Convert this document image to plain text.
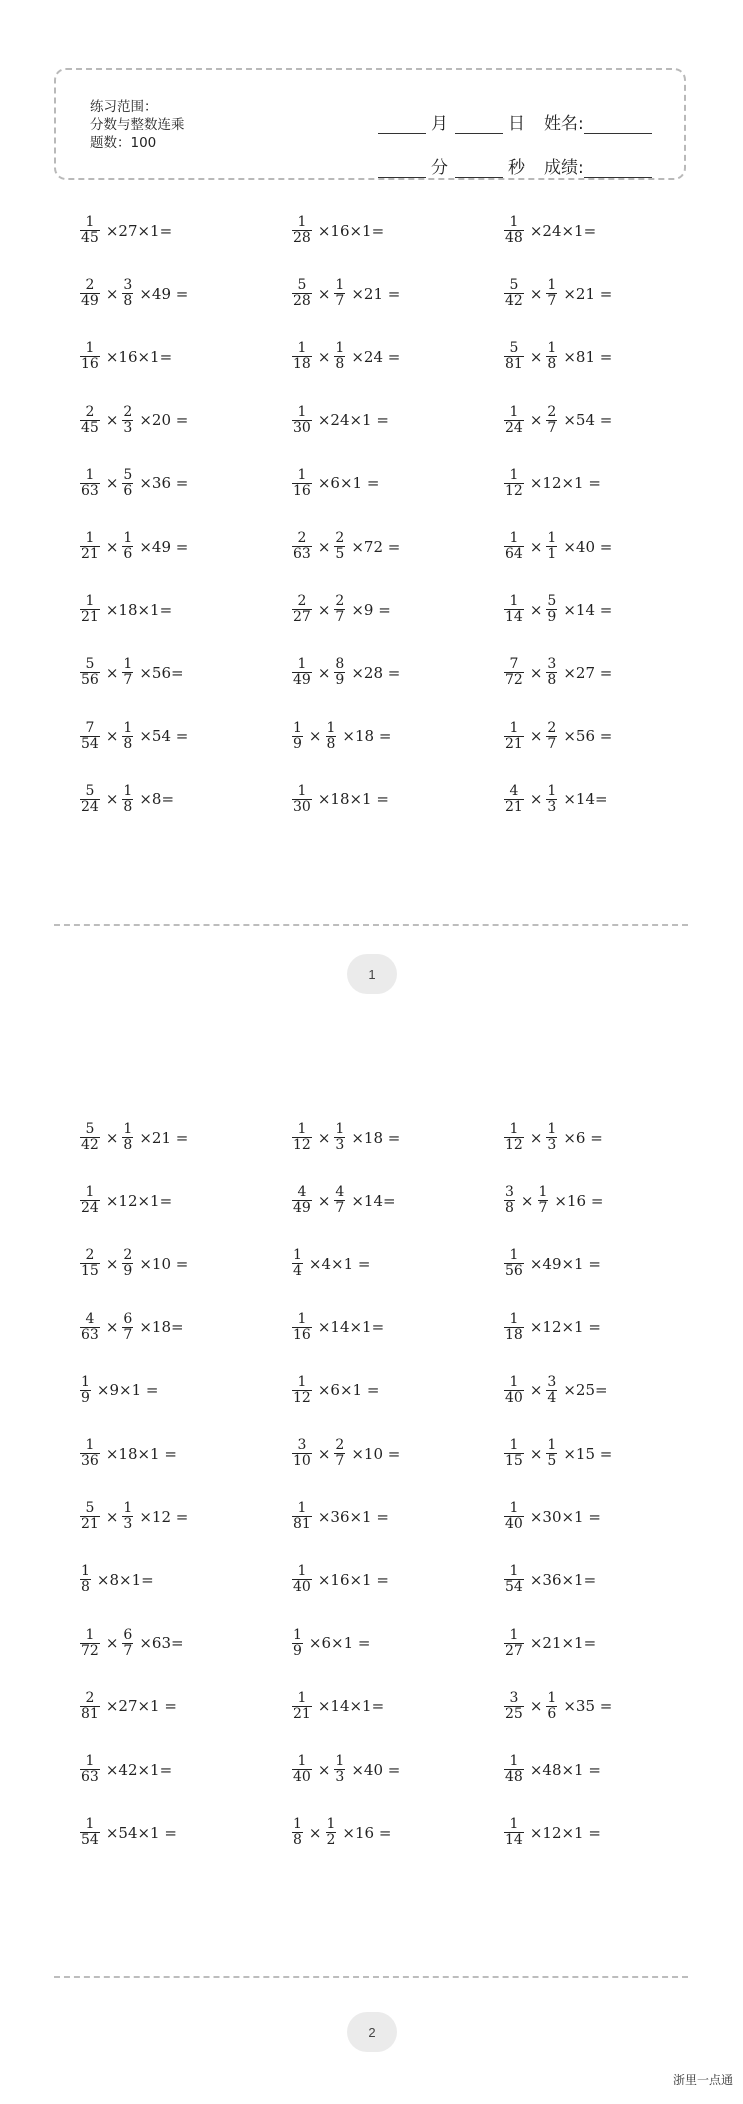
练习范围：
分数与整数连乘
题数：100
月	日 姓名:
分	秒 成绩:
$\frac{1}{45} \times 27\times 1=$	$\frac{1}{28} \times 16\times 1=$	$\frac{1}{48} \times 24\times 1=$
$\frac{2}{49} \times \frac{3}{8} \times 49$ =	$\frac{5}{28} \times \frac{1}{7} \times 21$ =	$\frac{5}{42} \times \frac{1}{7} \times 21$ =
$\frac{1}{16} \times 16\times 1=$	$\frac{1}{18} \times \frac{1}{8} \times 24$ =	$\frac{5}{81} \times \frac{1}{8} \times 81$ =
$\frac{2}{45} \times \frac{2}{3} \times 20$ =	$\frac{1}{30} \times 24\times 1$ =	$\frac{1}{24} \times \frac{2}{7} \times 54$ =
$\frac{1}{63} \times \frac{5}{6} \times 36$ =	$\frac{1}{16} \times 6\times 1$ =	$\frac{1}{12} \times 12\times 1$ =
$\frac{1}{21} \times \frac{1}{6} \times 49$ =	$\frac{2}{63} \times \frac{2}{5} \times 72$ =	$\frac{1}{64} \times \frac{1}{1} \times 40$ =
$\frac{1}{21} \times 18\times 1=$	$\frac{2}{27} \times \frac{2}{7} \times 9$ =	$\frac{1}{14} \times \frac{5}{9} \times 14$ =
$\frac{5}{56} \times \frac{1}{7} \times 56=$	$\frac{1}{49} \times \frac{8}{9} \times 28$ =	$\frac{7}{72} \times \frac{3}{8} \times 27$ =
$\frac{7}{54} \times \frac{1}{8} \times 54$ =	$\frac{1}{9} \times \frac{1}{8} \times 18$ =	$\frac{1}{21} \times \frac{2}{7} \times 56$ =
$\frac{5}{24} \times \frac{1}{8} \times 8=$	$\frac{1}{30} \times 18\times 1$ =	$\frac{4}{21} \times \frac{1}{3} \times 14=$
1
$\frac{5}{42} \times \frac{1}{8} \times 21$ =	$\frac{1}{12} \times \frac{1}{3} \times 18$ =	$\frac{1}{12} \times \frac{1}{3} \times 6$ =
$\frac{1}{24} \times 12\times 1=$	$\frac{4}{49} \times \frac{4}{7} \times 14=$	$\frac{3}{8} \times \frac{1}{7} \times 16$ =
$\frac{2}{15} \times \frac{2}{9} \times 10$ =	$\frac{1}{4} \times 4\times 1$ =	$\frac{1}{56} \times 49\times 1$ =
$\frac{4}{63} \times \frac{6}{7} \times 18=$	$\frac{1}{16} \times 14\times 1=$	$\frac{1}{18} \times 12\times 1$ =
$\frac{1}{9} \times 9\times 1$ =	$\frac{1}{12} \times 6\times 1$ =	$\frac{1}{40} \times \frac{3}{4} \times 25=$
$\frac{1}{36} \times 18\times 1$ =	$\frac{3}{10} \times \frac{2}{7} \times 10$ =	$\frac{1}{15} \times \frac{1}{5} \times 15$ =
$\frac{5}{21} \times \frac{1}{3} \times 12$ =	$\frac{1}{81} \times 36\times 1$ =	$\frac{1}{40} \times 30\times 1$ =
$\frac{1}{8} \times 8\times 1=$	$\frac{1}{40} \times 16\times 1$ =	$\frac{1}{54} \times 36\times 1=$
$\frac{1}{72} \times \frac{6}{7} \times 63=$	$\frac{1}{9} \times 6\times 1$ =	$\frac{1}{27} \times 21\times 1=$
$\frac{2}{81} \times 27\times 1$ =	$\frac{1}{21} \times 14\times 1=$	$\frac{3}{25} \times \frac{1}{6} \times 35$ =
$\frac{1}{63} \times 42\times 1=$	$\frac{1}{40} \times \frac{1}{3} \times 40$ =	$\frac{1}{48} \times 48\times 1$ =
$\frac{1}{54} \times 54\times 1$ =	$\frac{1}{8} \times \frac{1}{2} \times 16$ =	$\frac{1}{14} \times 12\times 1$ =
2
浙里一点通
